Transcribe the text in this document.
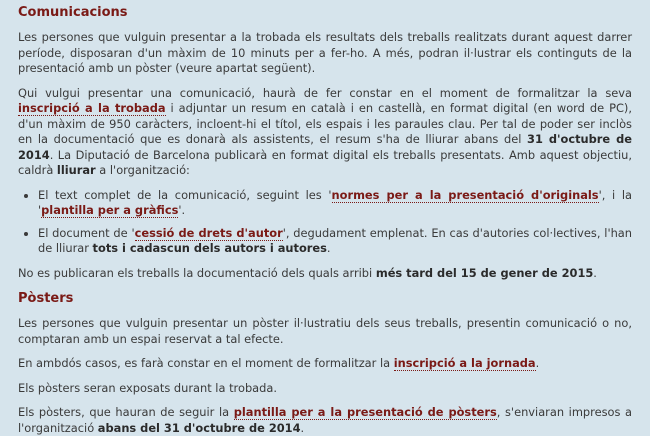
Comunicacions

Les persones que vulguin presentar a la trobada els resultats dels treballs realitzats durant aquest darrer període, disposaran d'un màxim de 10 minuts per a fer-ho. A més, podran il·lustrar els continguts de la presentació amb un pòster (veure apartat següent).

Qui vulgui presentar una comunicació, haurà de fer constar en el moment de formalitzar la seva inscripció a la trobada i adjuntar un resum en català i en castellà, en format digital (en word de PC), d'un màxim de 950 caràcters, incloent-hi el títol, els espais i les paraules clau. Per tal de poder ser inclòs en la documentació que es donarà als assistents, el resum s'ha de lliurar abans del 31 d'octubre de 2014. La Diputació de Barcelona publicarà en format digital els treballs presentats. Amb aquest objectiu, caldrà lliurar a l'organització:

• El text complet de la comunicació, seguint les 'normes per a la presentació d'originals', i la 'plantilla per a gràfics'.
• El document de 'cessió de drets d'autor', degudament emplenat. En cas d'autories col·lectives, l'han de lliurar tots i cadascun dels autors i autores.

No es publicaran els treballs la documentació dels quals arribi més tard del 15 de gener de 2015.

Pòsters

Les persones que vulguin presentar un pòster il·lustratiu dels seus treballs, presentin comunicació o no, comptaran amb un espai reservat a tal efecte.

En ambdós casos, es farà constar en el moment de formalitzar la inscripció a la jornada.

Els pòsters seran exposats durant la trobada.

Els pòsters, que hauran de seguir la plantilla per a la presentació de pòsters, s'enviaran impresos a l'organització abans del 31 d'octubre de 2014.
